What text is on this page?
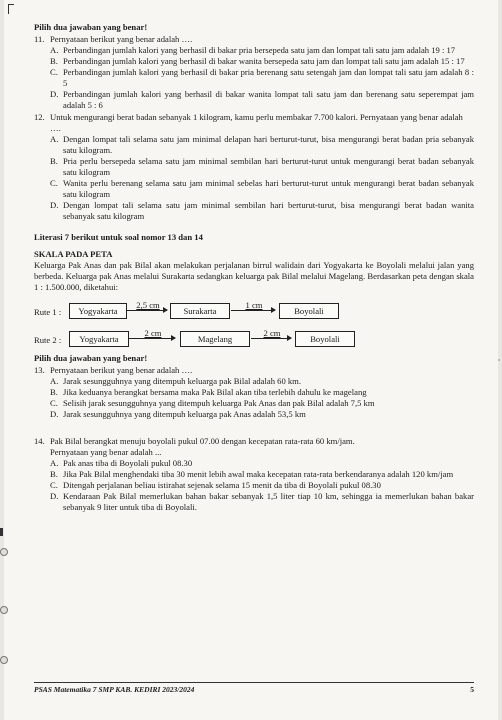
Pilih dua jawaban yang benar!
11. Pernyataan berikut yang benar adalah ….
A. Perbandingan jumlah kalori yang berhasil di bakar pria bersepeda satu jam dan lompat tali satu jam adalah 19 : 17
B. Perbandingan jumlah kalori yang berhasil di bakar wanita bersepeda satu jam dan lompat tali satu jam adalah 15 : 17
C. Perbandingan jumlah kalori yang berhasil di bakar pria berenang satu setengah jam dan lompat tali satu jam adalah 8 : 5
D. Perbandingan jumlah kalori yang berhasil di bakar wanita lompat tali satu jam dan berenang satu seperempat jam adalah 5 : 6
12. Untuk mengurangi berat badan sebanyak 1 kilogram, kamu perlu membakar 7.700 kalori. Pernyataan yang benar adalah ….
A. Dengan lompat tali selama satu jam minimal delapan hari berturut-turut, bisa mengurangi berat badan pria sebanyak satu kilogram.
B. Pria perlu bersepeda selama satu jam minimal sembilan hari berturut-turut untuk mengurangi berat badan sebanyak satu kilogram
C. Wanita perlu berenang selama satu jam minimal sebelas hari berturut-turut untuk mengurangi berat badan sebanyak satu kilogram
D. Dengan lompat tali selama satu jam minimal sembilan hari berturut-turut, bisa mengurangi berat badan wanita sebanyak satu kilogram
Literasi 7 berikut untuk soal nomor 13 dan 14
SKALA PADA PETA
Keluarga Pak Anas dan pak Bilal akan melakukan perjalanan birrul walidain dari Yogyakarta ke Boyolali melalui jalan yang berbeda. Keluarga pak Anas melalui Surakarta sedangkan keluarga pak Bilal melalui Magelang. Berdasarkan peta dengan skala 1 : 1.500.000, diketahui:
Rute 1 :	Yogyakarta
2,5 cm
Surakarta
1 cm
Boyolali
Rute 2 :	Yogyakarta
2 cm
Magelang
2 cm
Boyolali
Pilih dua jawaban yang benar!
13. Pernyataan berikut yang benar adalah ….
A. Jarak sesungguhnya yang ditempuh keluarga pak Bilal adalah 60 km.
B. Jika keduanya berangkat bersama maka Pak Bilal akan tiba terlebih dahulu ke magelang
C. Selisih jarak sesungguhnya yang ditempuh keluarga Pak Anas dan pak Bilal adalah 7,5 km
D. Jarak sesungguhnya yang ditempuh keluarga pak Anas adalah 53,5 km
14. Pak Bilal berangkat menuju boyolali pukul 07.00 dengan kecepatan rata-rata 60 km/jam.
Pernyataan yang benar adalah ...
A. Pak anas tiba di Boyolali pukul 08.30
B. Jika Pak Bilal menghendaki tiba 30 menit lebih awal maka kecepatan rata-rata berkendaranya adalah 120 km/jam
C. Ditengah perjalanan beliau istirahat sejenak selama 15 menit da tiba di Boyolali pukul 08.30
D. Kendaraan Pak Bilal memerlukan bahan bakar sebanyak 1,5 liter tiap 10 km, sehingga ia memerlukan bahan bakar sebanyak 9 liter untuk tiba di Boyolali.
PSAS Matematika 7 SMP KAB. KEDIRI 2023/2024	5
